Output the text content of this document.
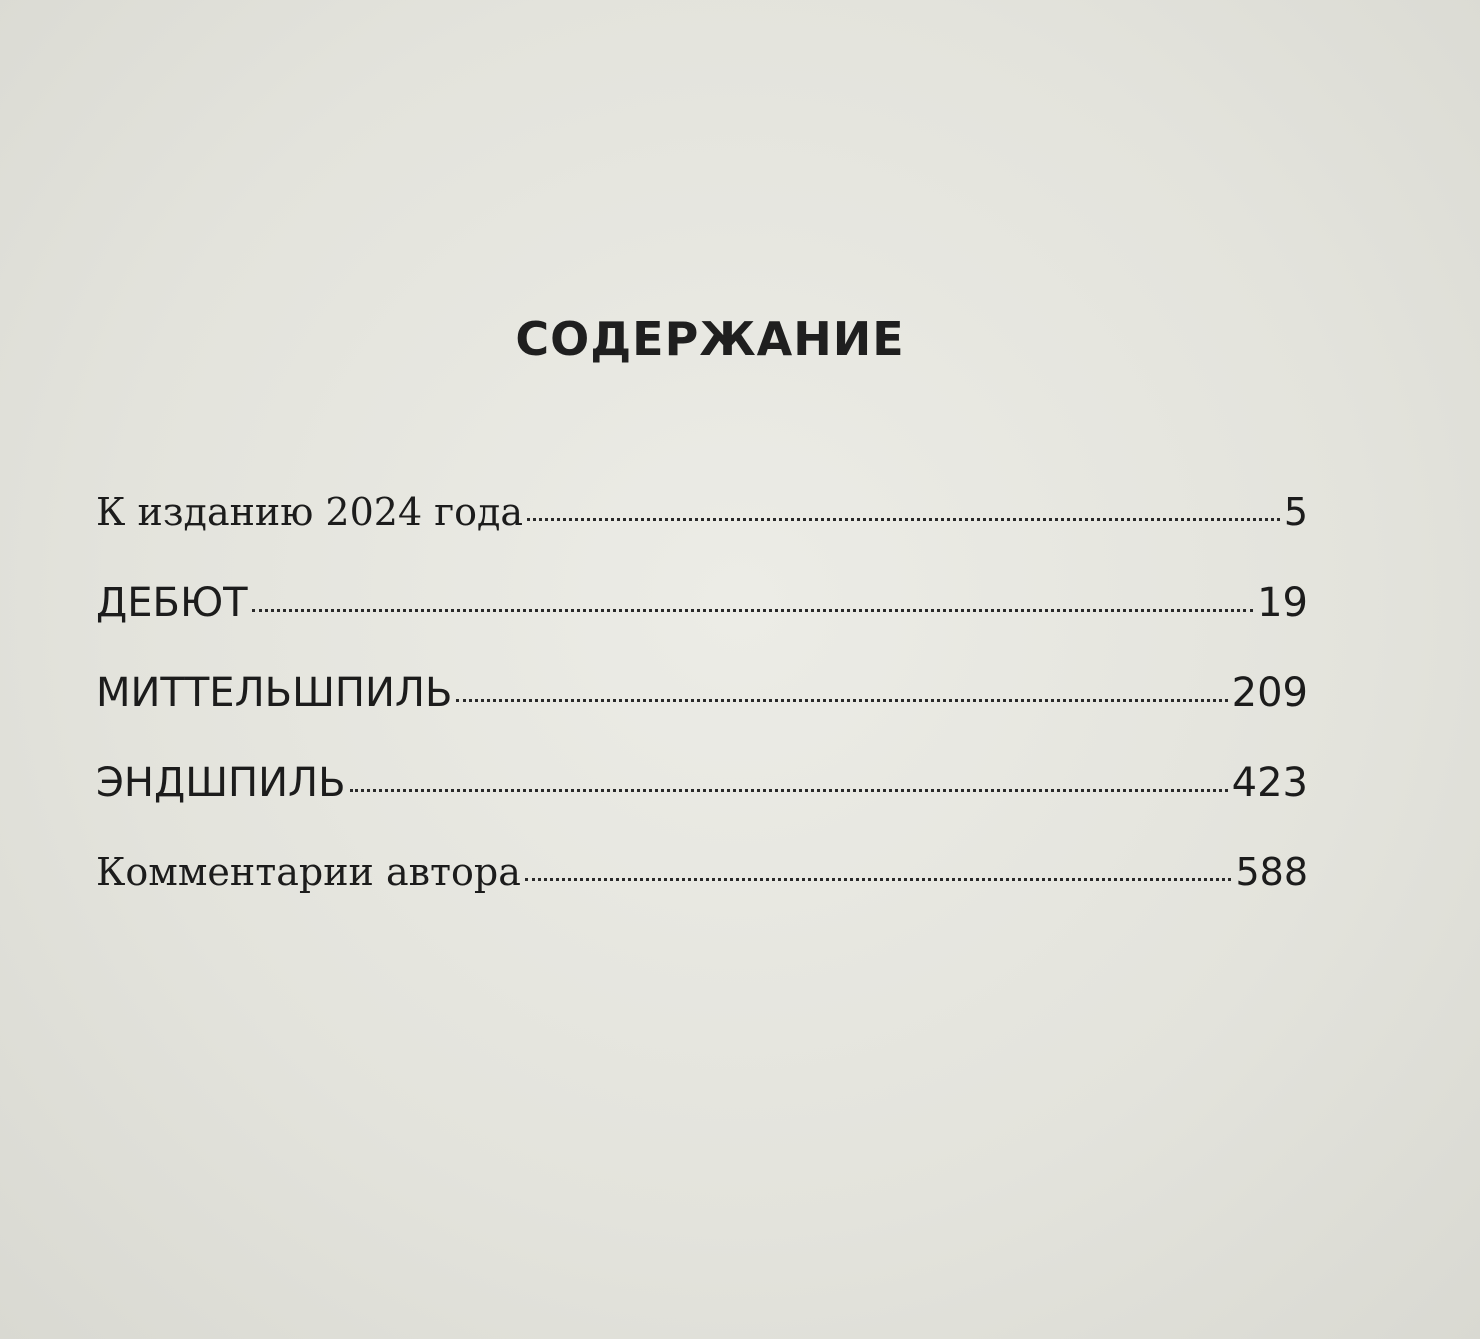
СОДЕРЖАНИЕ
К изданию 2024 года	5
ДЕБЮТ	19
МИТТЕЛЬШПИЛЬ	209
ЭНДШПИЛЬ	423
Комментарии автора	588
